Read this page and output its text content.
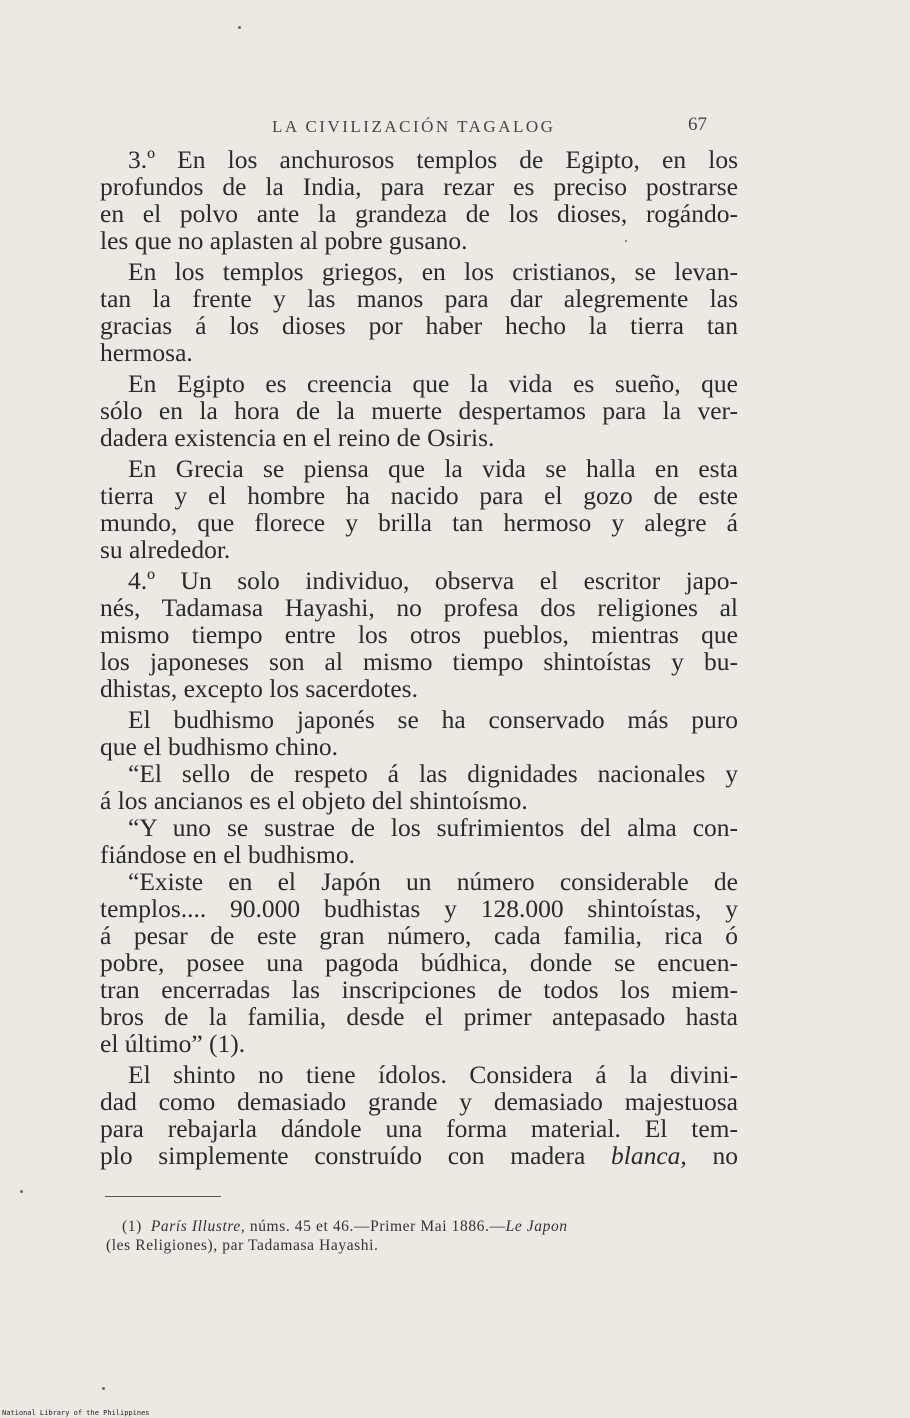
LA CIVILIZACIÓN TAGALOG	67
3.º En los anchurosos templos de Egipto, en los
profundos de la India, para rezar es preciso postrarse
en el polvo ante la grandeza de los dioses, rogándo-
les que no aplasten al pobre gusano.
En los templos griegos, en los cristianos, se levan-
tan la frente y las manos para dar alegremente las
gracias á los dioses por haber hecho la tierra tan
hermosa.
En Egipto es creencia que la vida es sueño, que
sólo en la hora de la muerte despertamos para la ver-
dadera existencia en el reino de Osiris.
En Grecia se piensa que la vida se halla en esta
tierra y el hombre ha nacido para el gozo de este
mundo, que florece y brilla tan hermoso y alegre á
su alrededor.
4.º Un solo individuo, observa el escritor japo-
nés, Tadamasa Hayashi, no profesa dos religiones al
mismo tiempo entre los otros pueblos, mientras que
los japoneses son al mismo tiempo shintoístas y bu-
dhistas, excepto los sacerdotes.
El budhismo japonés se ha conservado más puro
que el budhismo chino.
“El sello de respeto á las dignidades nacionales y
á los ancianos es el objeto del shintoísmo.
“Y uno se sustrae de los sufrimientos del alma con-
fiándose en el budhismo.
“Existe en el Japón un número considerable de
templos.... 90.000 budhistas y 128.000 shintoístas, y
á pesar de este gran número, cada familia, rica ó
pobre, posee una pagoda búdhica, donde se encuen-
tran encerradas las inscripciones de todos los miem-
bros de la familia, desde el primer antepasado hasta
el último” (1).
El shinto no tiene ídolos. Considera á la divini-
dad como demasiado grande y demasiado majestuosa
para rebajarla dándole una forma material. El tem-
plo simplemente construído con madera blanca, no
(1) París Illustre, núms. 45 et 46.—Primer Mai 1886.—Le Japon
(les Religiones), par Tadamasa Hayashi.
National Library of the Philippines
